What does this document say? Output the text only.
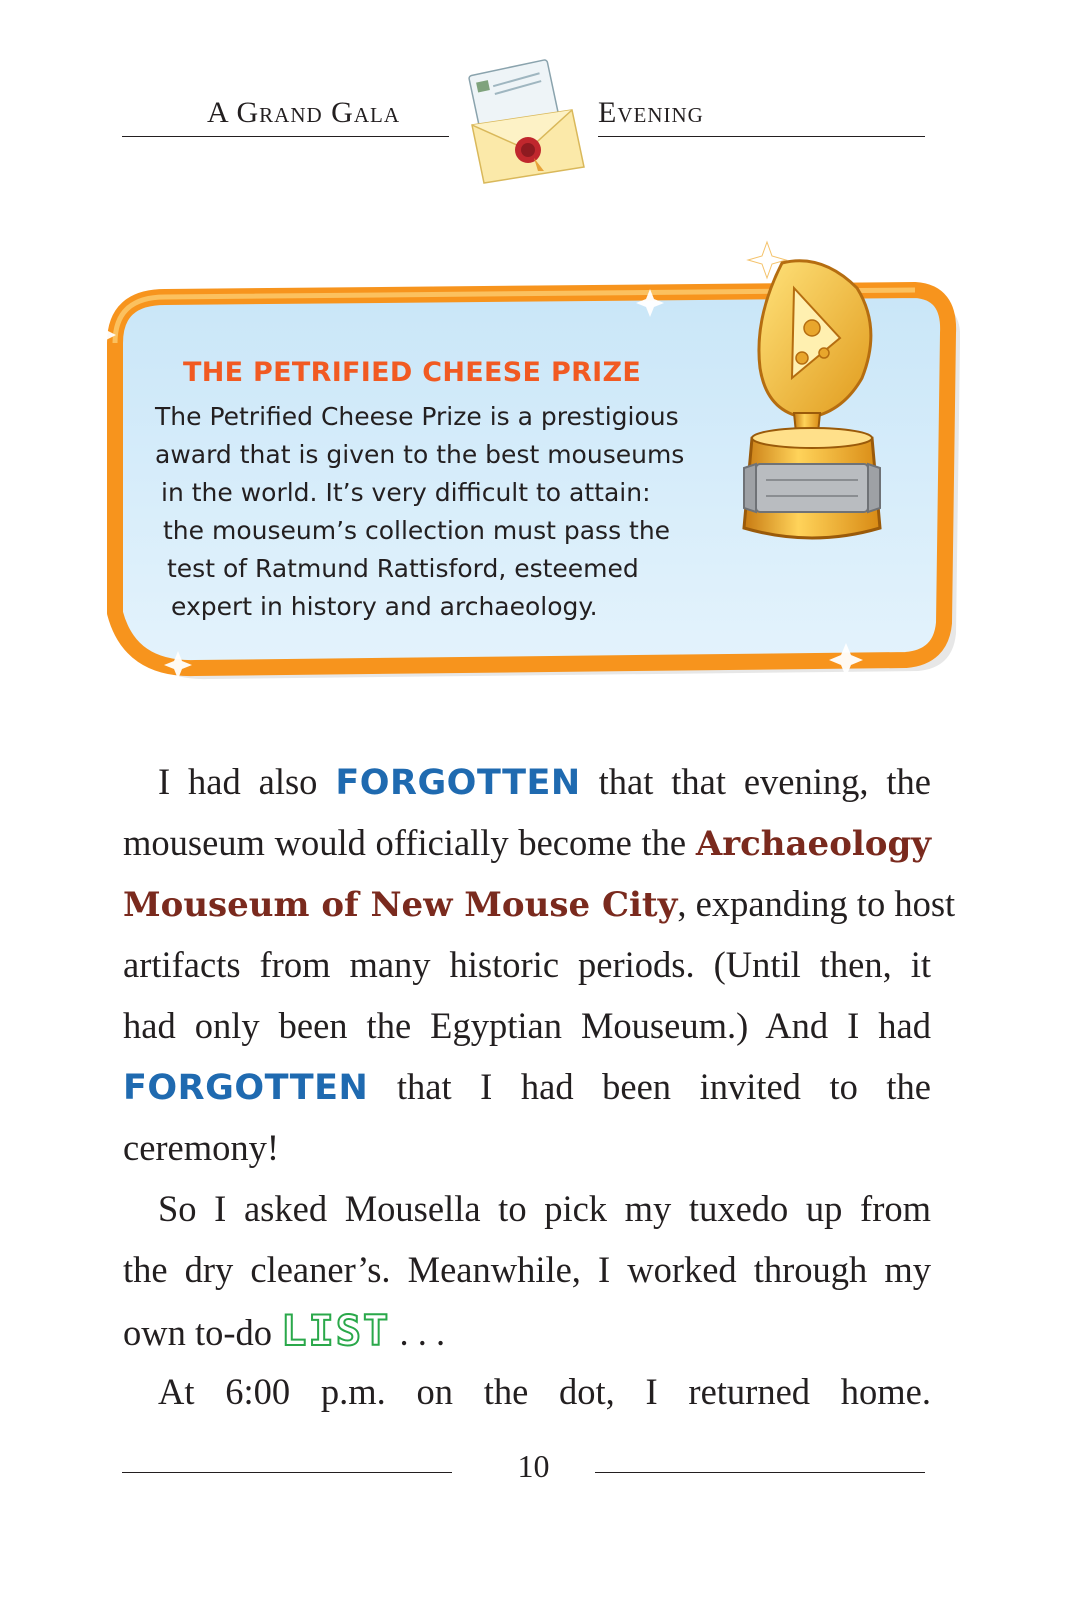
A Grand Gala	Evening
THE PETRIFIED CHEESE PRIZE
The Petrified Cheese Prize is a prestigious
award that is given to the best mouseums
in the world. It’s very difficult to attain:
the mouseum’s collection must pass the
test of Ratmund Rattisford, esteemed
expert in history and archaeology.
I had also FORGOTTEN that that evening, the
mouseum would officially become the Archaeology
Mouseum of New Mouse City, expanding to host
artifacts from many historic periods. (Until then, it
had only been the Egyptian Mouseum.) And I had
FORGOTTEN that I had been invited to the
ceremony!
So I asked Mousella to pick my tuxedo up from
the dry cleaner’s. Meanwhile, I worked through my
own to-do LIST . . .
At 6:00 p.m. on the dot, I returned home.
10
